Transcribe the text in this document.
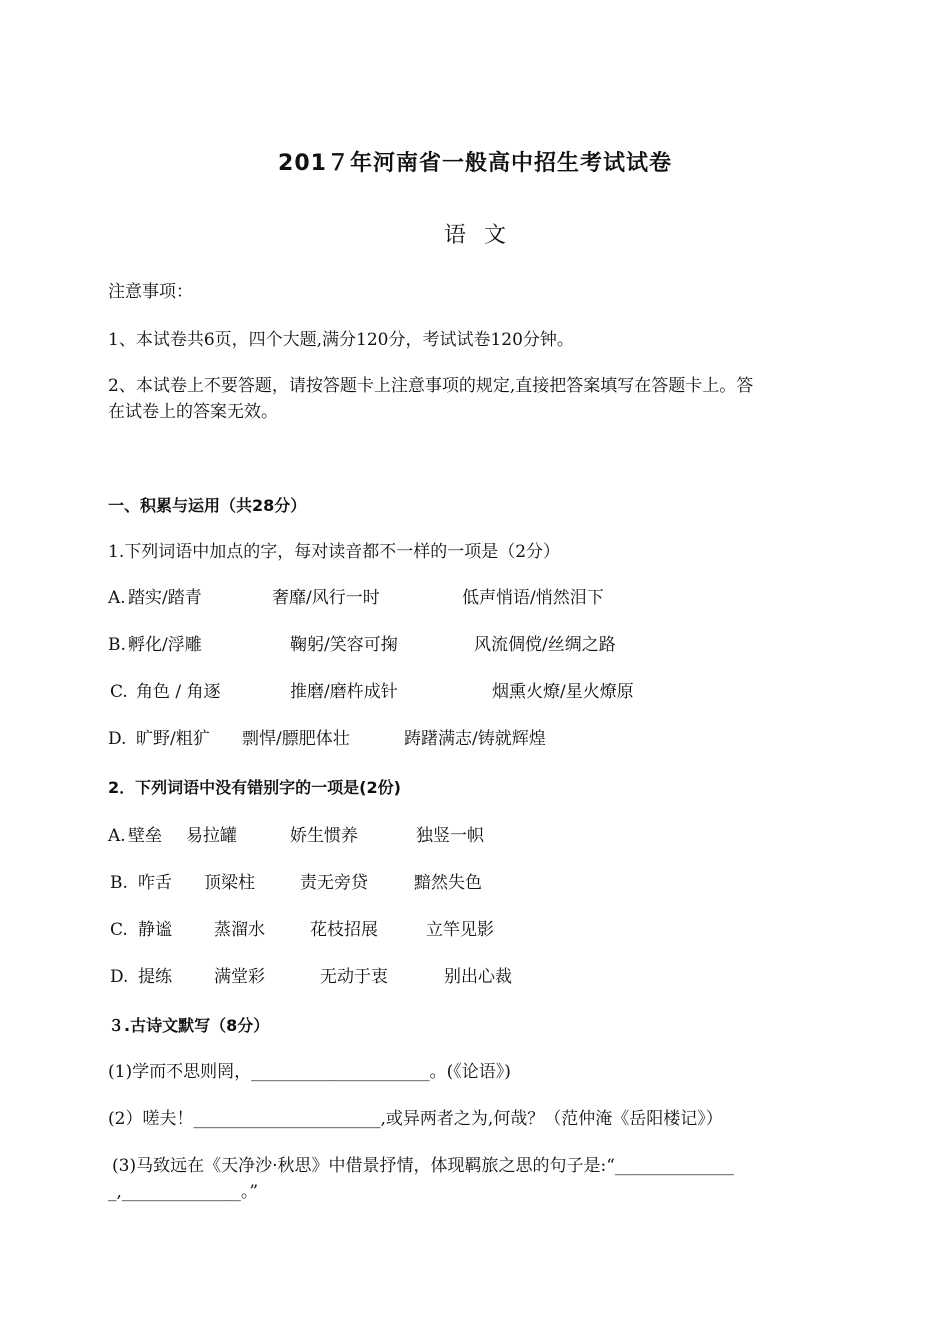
201７年河南省一般高中招生考试试卷
语文
注意事项：
1、本试卷共6页，四个大题,满分120分，考试试卷120分钟。
2、本试卷上不要答题，请按答题卡上注意事项的规定,直接把答案填写在答题卡上。答
在试卷上的答案无效。
一、积累与运用（共28分）
1.下列词语中加点的字，每对读音都不一样的一项是（2分）
A. 踏实/踏青	奢靡/风行一时	低声悄语/悄然泪下
B. 孵化/浮雕	鞠躬/笑容可掬	风流倜傥/丝绸之路
C. 角色 / 角逐	推磨/磨杵成针	烟熏火燎/星火燎原
D. 旷野/粗犷 剽悍/膘肥体壮	踌躇满志/铸就辉煌
2．下列词语中没有错别字的一项是(2份)
A. 壁垒 易拉罐	娇生惯养	独竖一帜
B. 咋舌 顶梁柱	责无旁贷	黯然失色
C. 静谧 蒸溜水	花枝招展	立竿见影
D. 提练 满堂彩	无动于衷	别出心裁
３.古诗文默写（8分）
(1)学而不思则罔，_____________________。(《论语》)
(2）嗟夫！______________________,或异两者之为,何哉？（范仲淹《岳阳楼记》）
(3)马致远在《天净沙·秋思》中借景抒情，体现羁旅之思的句子是:“______________
_,______________。”
